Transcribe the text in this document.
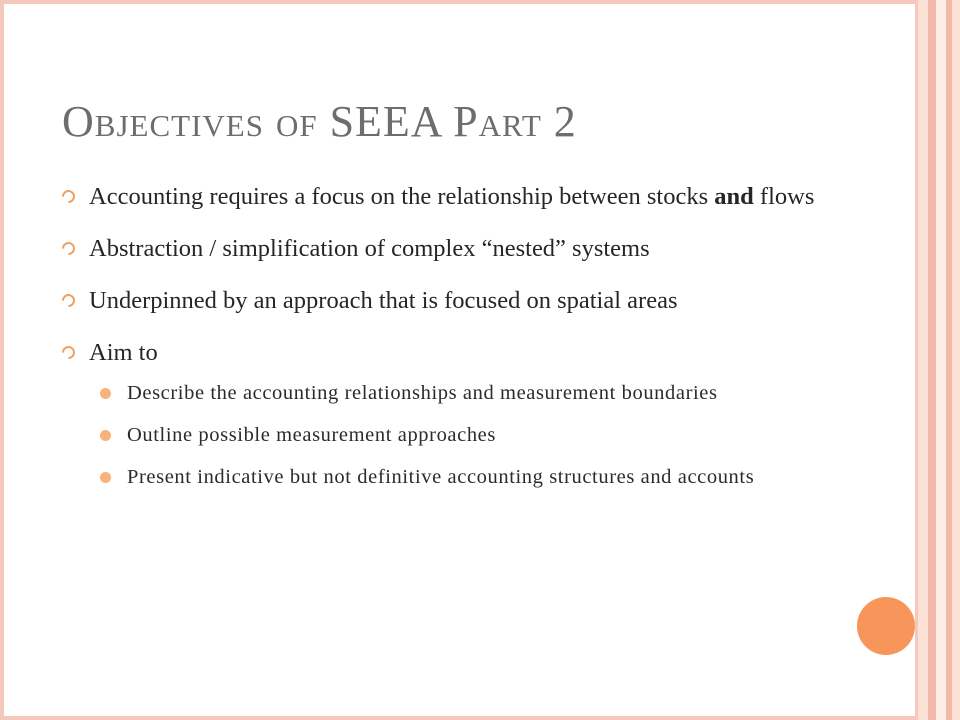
Objectives of SEEA Part 2
Accounting requires a focus on the relationship between stocks and flows
Abstraction / simplification of complex “nested” systems
Underpinned by an approach that is focused on spatial areas
Aim to
Describe the accounting relationships and measurement boundaries
Outline possible measurement approaches
Present indicative but not definitive accounting structures and accounts
